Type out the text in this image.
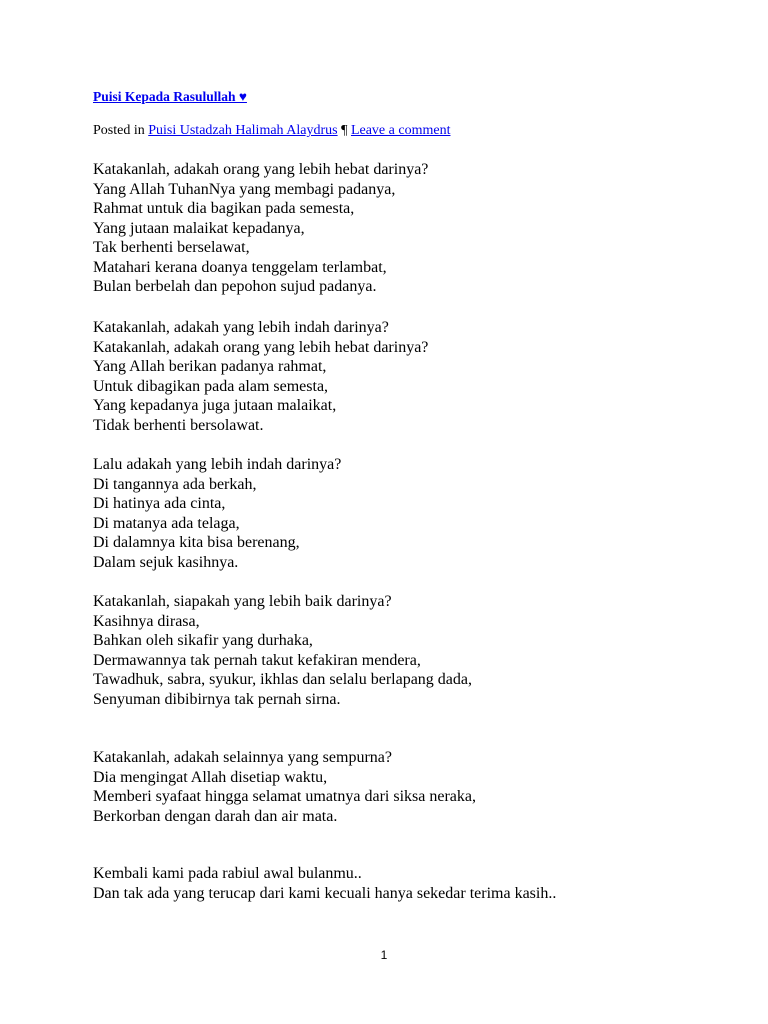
Puisi Kepada Rasulullah ♥
Posted in Puisi Ustadzah Halimah Alaydrus ¶ Leave a comment
Katakanlah, adakah orang yang lebih hebat darinya?
Yang Allah TuhanNya yang membagi padanya,
Rahmat untuk dia bagikan pada semesta,
Yang jutaan malaikat kepadanya,
Tak berhenti berselawat,
Matahari kerana doanya tenggelam terlambat,
Bulan berbelah dan pepohon sujud padanya.
Katakanlah, adakah yang lebih indah darinya?
Katakanlah, adakah orang yang lebih hebat darinya?
Yang Allah berikan padanya rahmat,
Untuk dibagikan pada alam semesta,
Yang kepadanya juga jutaan malaikat,
Tidak berhenti bersolawat.
Lalu adakah yang lebih indah darinya?
Di tangannya ada berkah,
Di hatinya ada cinta,
Di matanya ada telaga,
Di dalamnya kita bisa berenang,
Dalam sejuk kasihnya.
Katakanlah, siapakah yang lebih baik darinya?
Kasihnya dirasa,
Bahkan oleh sikafir yang durhaka,
Dermawannya tak pernah takut kefakiran mendera,
Tawadhuk, sabra, syukur, ikhlas dan selalu berlapang dada,
Senyuman dibibirnya tak pernah sirna.
Katakanlah, adakah selainnya yang sempurna?
Dia mengingat Allah disetiap waktu,
Memberi syafaat hingga selamat umatnya dari siksa neraka,
Berkorban dengan darah dan air mata.
Kembali kami pada rabiul awal bulanmu..
Dan tak ada yang terucap dari kami kecuali hanya sekedar terima kasih..
1
